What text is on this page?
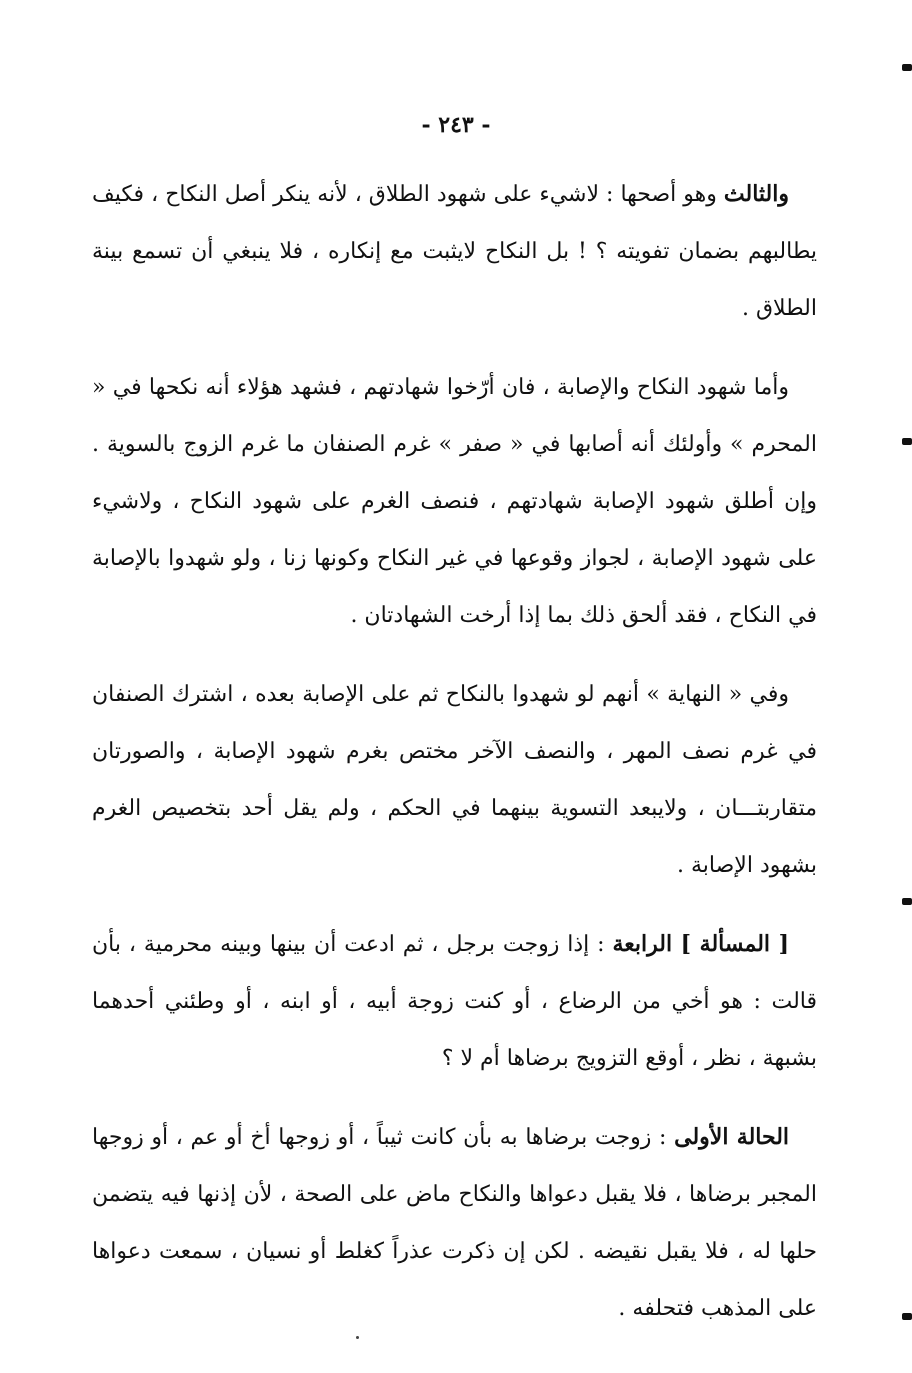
- ٢٤٣ -

والثالث وهو أصحها : لاشيء على شهود الطلاق ، لأنه ينكر أصل النكاح ، فكيف يطالبهم بضمان تفويته ؟ ! بل النكاح لايثبت مع إنكاره ، فلا ينبغي أن تسمع بينة الطلاق .

وأما شهود النكاح والإصابة ، فان أرّخوا شهادتهم ، فشهد هؤلاء أنه نكحها في « المحرم » وأولئك أنه أصابها في « صفر » غرم الصنفان ما غرم الزوج بالسوية . وإن أطلق شهود الإصابة شهادتهم ، فنصف الغرم على شهود النكاح ، ولاشيء على شهود الإصابة ، لجواز وقوعها في غير النكاح وكونها زنا ، ولو شهدوا بالإصابة في النكاح ، فقد ألحق ذلك بما إذا أرخت الشهادتان .

وفي « النهاية » أنهم لو شهدوا بالنكاح ثم على الإصابة بعده ، اشترك الصنفان في غرم نصف المهر ، والنصف الآخر مختص بغرم شهود الإصابة ، والصورتان متقاربتـــان ، ولايبعد التسوية بينهما في الحكم ، ولم يقل أحد بتخصيص الغرم بشهود الإصابة .

[ المسألة ] الرابعة : إذا زوجت برجل ، ثم ادعت أن بينها وبينه محرمية ، بأن قالت : هو أخي من الرضاع ، أو كنت زوجة أبيه ، أو ابنه ، أو وطئني أحدهما بشبهة ، نظر ، أوقع التزويج برضاها أم لا ؟

الحالة الأولى : زوجت برضاها به بأن كانت ثيباً ، أو زوجها أخ أو عم ، أو زوجها المجبر برضاها ، فلا يقبل دعواها والنكاح ماض على الصحة ، لأن إذنها فيه يتضمن حلها له ، فلا يقبل نقيضه . لكن إن ذكرت عذراً كغلط أو نسيان ، سمعت دعواها على المذهب فتحلفه .
